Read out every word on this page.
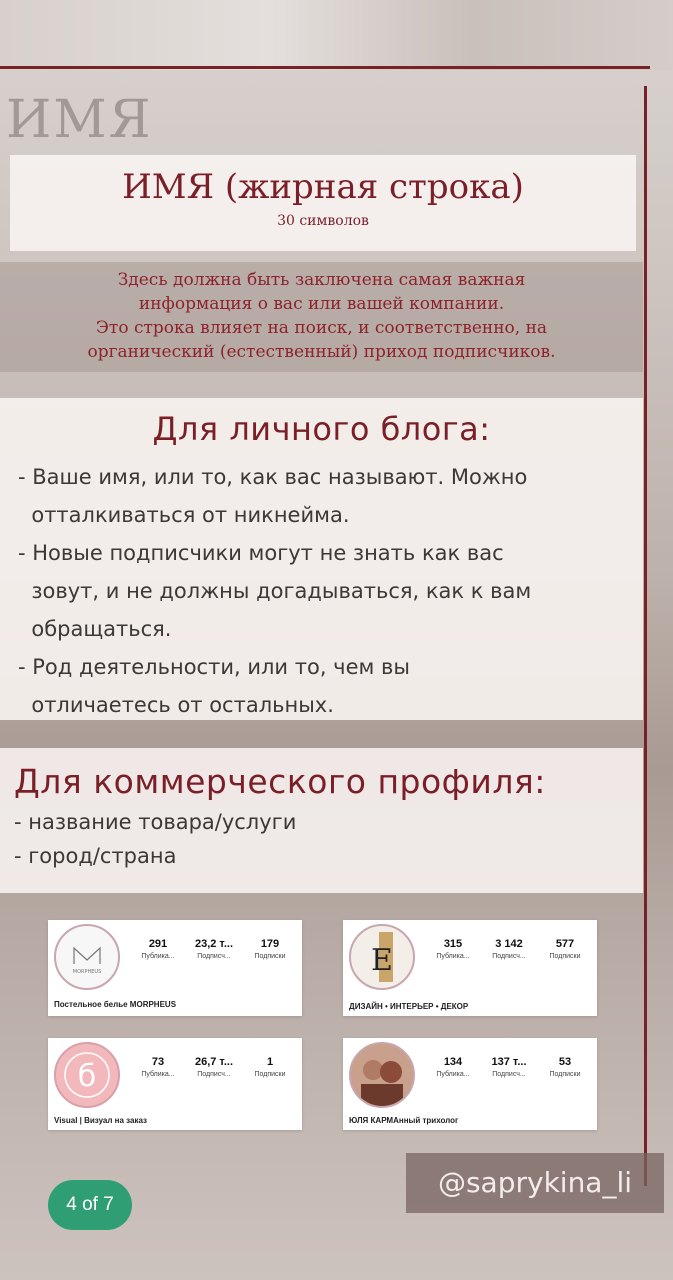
ИМЯ
ИМЯ (жирная строка)
30 символов
Здесь должна быть заключена самая важная
информация о вас или вашей компании.
Это строка влияет на поиск, и соответственно, на
органический (естественный) приход подписчиков.
Для личного блога:
- Ваше имя, или то, как вас называют. Можно
отталкиваться от никнейма.
- Новые подписчики могут не знать как вас
зовут, и не должны догадываться, как к вам
обращаться.
- Род деятельности, или то, чем вы
отличаетесь от остальных.
Для коммерческого профиля:
- название товара/услуги
- город/страна
MORPHEUS
291
Публика...
23,2 т...
Подписч...
179
Подписки
Постельное белье MORPHEUS
E	315
Публика...
3 142
Подписч...
577
Подписки
ДИЗАЙН • ИНТЕРЬЕР • ДЕКОР
б	73
Публика...
26,7 т...
Подписч...
1
Подписки
Visual | Визуал на заказ
134
Публика...
137 т...
Подписч...
53
Подписки
ЮЛЯ КАРМАнный трихолог
@saprykina_li
4 of 7
